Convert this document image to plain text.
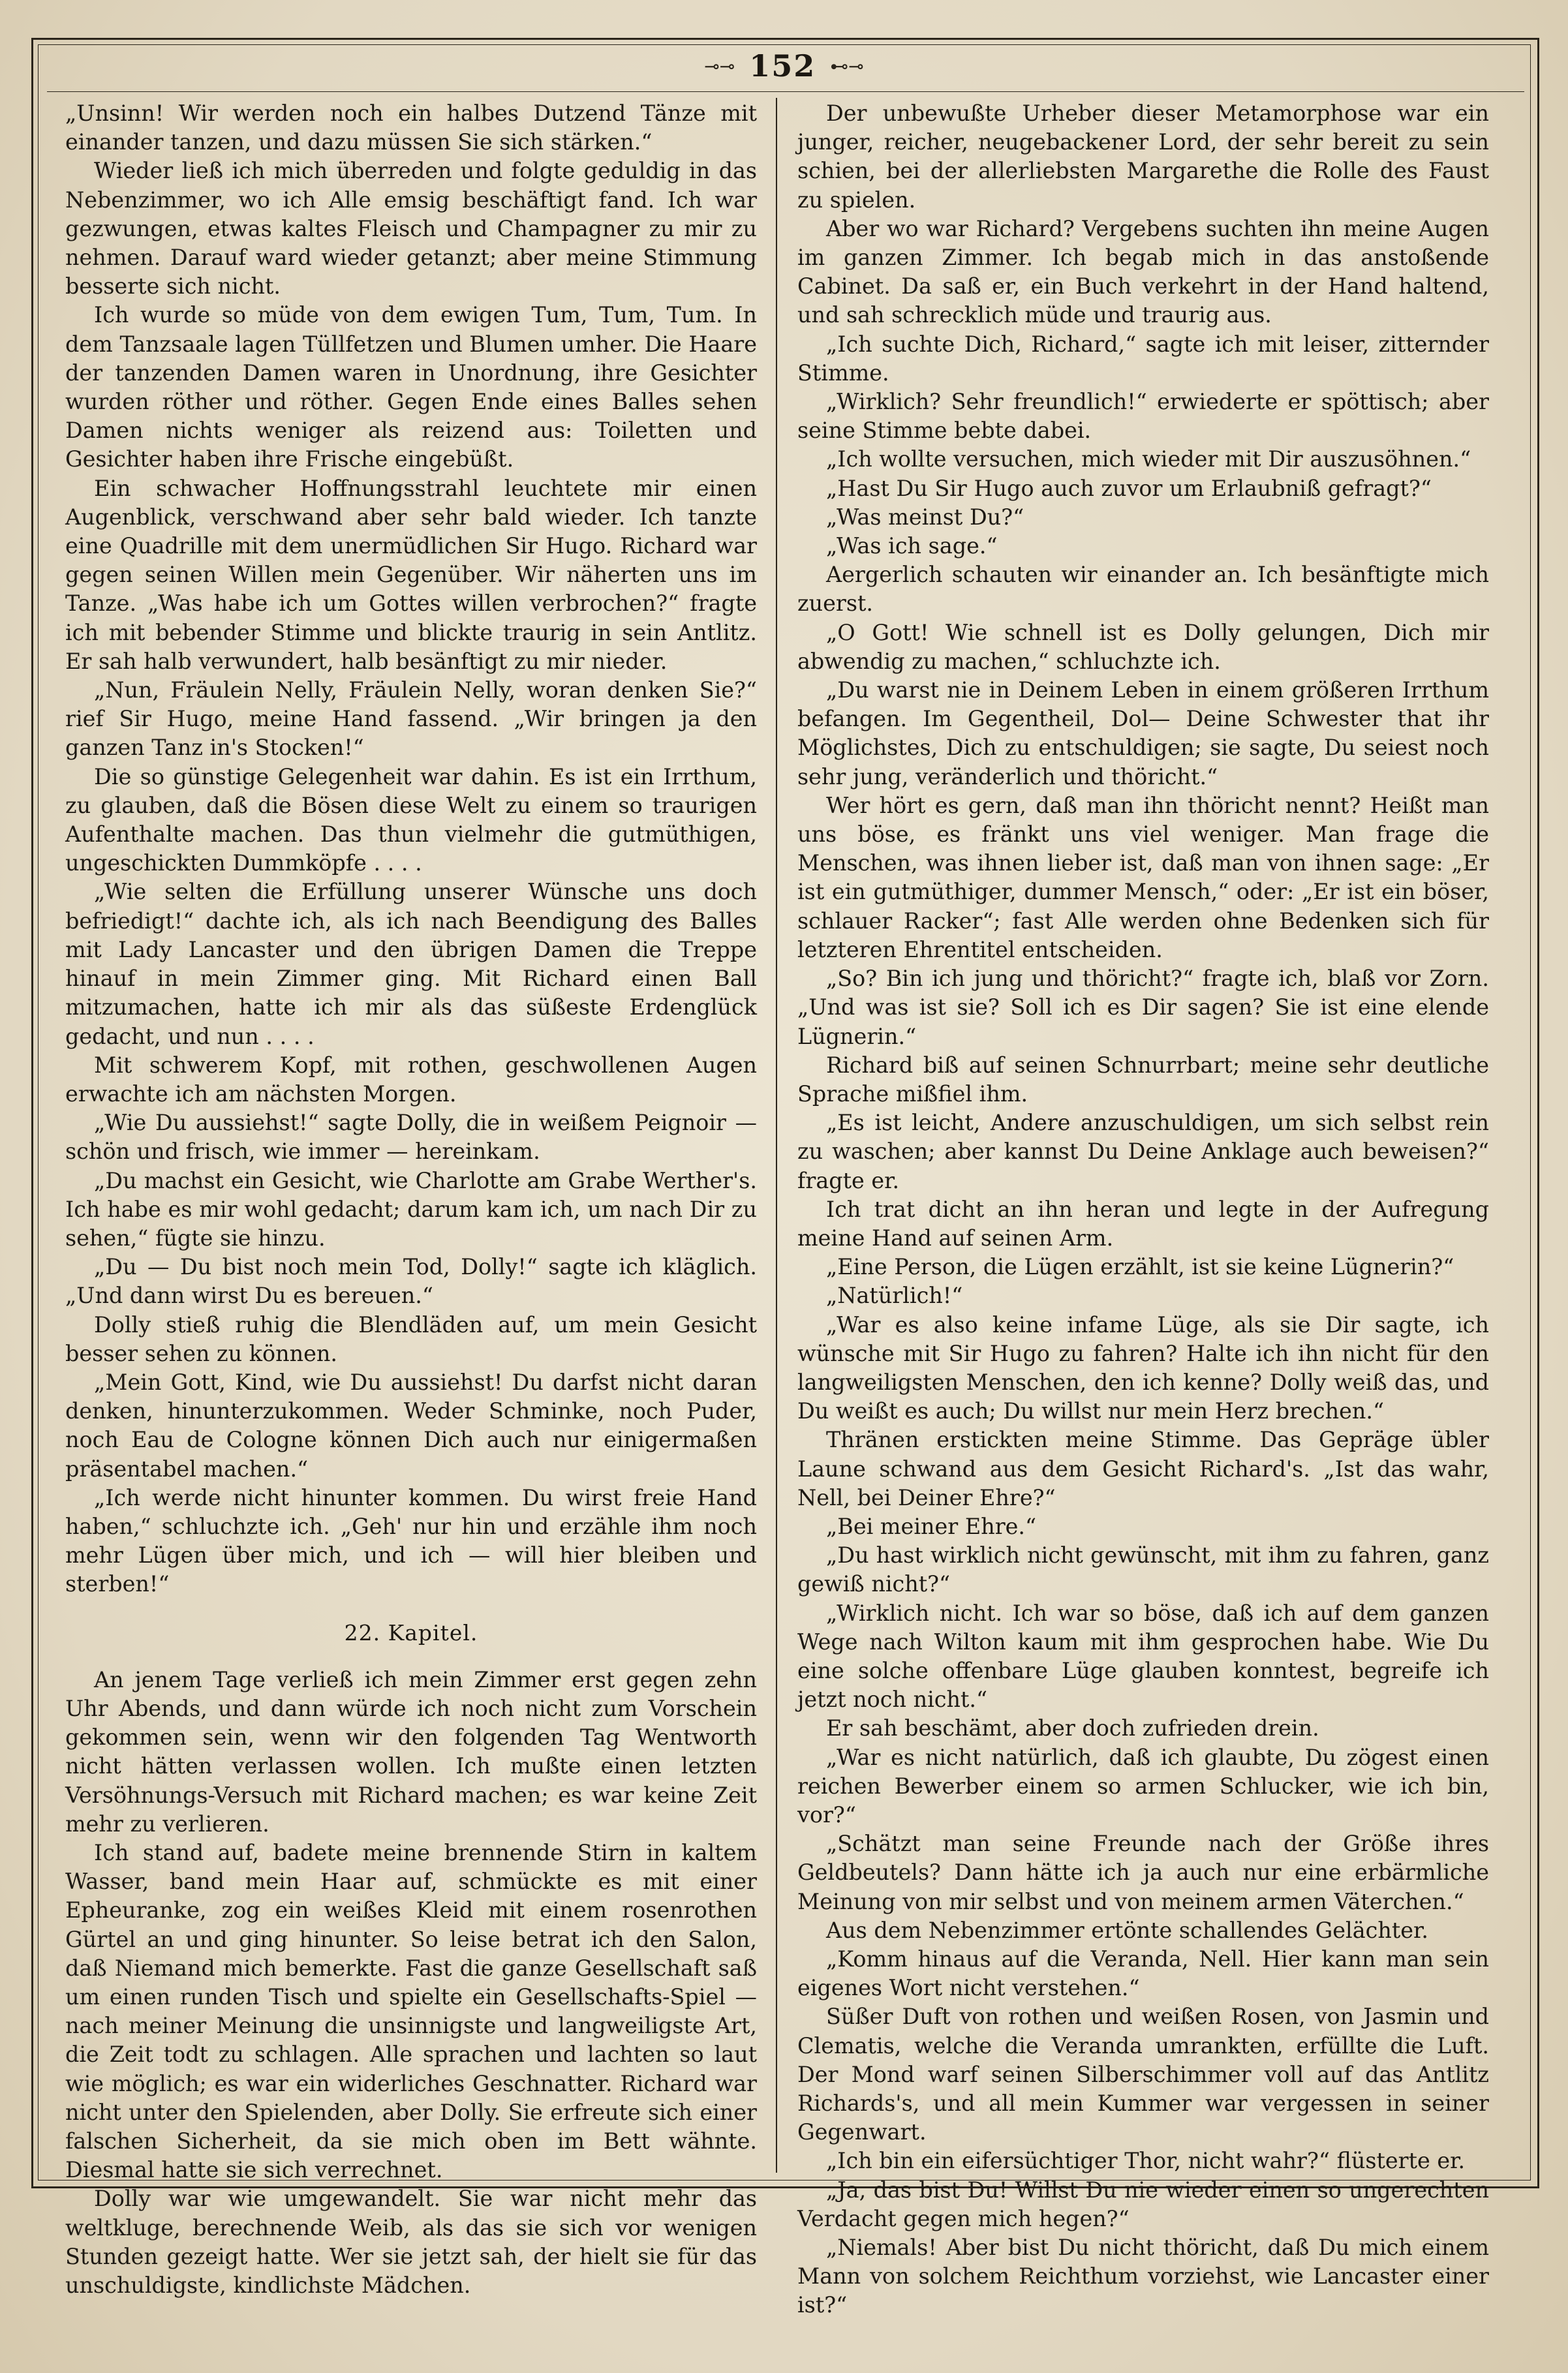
⊸⊸ 152 ⊷⊸

„Unsinn! Wir werden noch ein halbes Dutzend Tänze mit einander tanzen, und dazu müssen Sie sich stärken.“

Wieder ließ ich mich überreden und folgte geduldig in das Nebenzimmer, wo ich Alle emsig beschäftigt fand. Ich war gezwungen, etwas kaltes Fleisch und Champagner zu mir zu nehmen. Darauf ward wieder getanzt; aber meine Stimmung besserte sich nicht.

Ich wurde so müde von dem ewigen Tum, Tum, Tum. In dem Tanzsaale lagen Tüllfetzen und Blumen umher. Die Haare der tanzenden Damen waren in Unordnung, ihre Gesichter wurden röther und röther. Gegen Ende eines Balles sehen Damen nichts weniger als reizend aus: Toiletten und Gesichter haben ihre Frische eingebüßt.

Ein schwacher Hoffnungsstrahl leuchtete mir einen Augenblick, verschwand aber sehr bald wieder. Ich tanzte eine Quadrille mit dem unermüdlichen Sir Hugo. Richard war gegen seinen Willen mein Gegenüber. Wir näherten uns im Tanze. „Was habe ich um Gottes willen verbrochen?“ fragte ich mit bebender Stimme und blickte traurig in sein Antlitz. Er sah halb verwundert, halb besänftigt zu mir nieder.

„Nun, Fräulein Nelly, Fräulein Nelly, woran denken Sie?“ rief Sir Hugo, meine Hand fassend. „Wir bringen ja den ganzen Tanz in's Stocken!“

Die so günstige Gelegenheit war dahin. Es ist ein Irrthum, zu glauben, daß die Bösen diese Welt zu einem so traurigen Aufenthalte machen. Das thun vielmehr die gutmüthigen, ungeschickten Dummköpfe . . . .

„Wie selten die Erfüllung unserer Wünsche uns doch befriedigt!“ dachte ich, als ich nach Beendigung des Balles mit Lady Lancaster und den übrigen Damen die Treppe hinauf in mein Zimmer ging. Mit Richard einen Ball mitzumachen, hatte ich mir als das süßeste Erdenglück gedacht, und nun . . . .

Mit schwerem Kopf, mit rothen, geschwollenen Augen erwachte ich am nächsten Morgen.

„Wie Du aussiehst!“ sagte Dolly, die in weißem Peignoir — schön und frisch, wie immer — hereinkam.

„Du machst ein Gesicht, wie Charlotte am Grabe Werther's. Ich habe es mir wohl gedacht; darum kam ich, um nach Dir zu sehen,“ fügte sie hinzu.

„Du — Du bist noch mein Tod, Dolly!“ sagte ich kläglich. „Und dann wirst Du es bereuen.“

Dolly stieß ruhig die Blendläden auf, um mein Gesicht besser sehen zu können.

„Mein Gott, Kind, wie Du aussiehst! Du darfst nicht daran denken, hinunterzukommen. Weder Schminke, noch Puder, noch Eau de Cologne können Dich auch nur einigermaßen präsentabel machen.“

„Ich werde nicht hinunter kommen. Du wirst freie Hand haben,“ schluchzte ich. „Geh' nur hin und erzähle ihm noch mehr Lügen über mich, und ich — will hier bleiben und sterben!“

22. Kapitel.

An jenem Tage verließ ich mein Zimmer erst gegen zehn Uhr Abends, und dann würde ich noch nicht zum Vorschein gekommen sein, wenn wir den folgenden Tag Wentworth nicht hätten verlassen wollen. Ich mußte einen letzten Versöhnungs-Versuch mit Richard machen; es war keine Zeit mehr zu verlieren.

Ich stand auf, badete meine brennende Stirn in kaltem Wasser, band mein Haar auf, schmückte es mit einer Epheuranke, zog ein weißes Kleid mit einem rosenrothen Gürtel an und ging hinunter. So leise betrat ich den Salon, daß Niemand mich bemerkte. Fast die ganze Gesellschaft saß um einen runden Tisch und spielte ein Gesellschafts-Spiel — nach meiner Meinung die unsinnigste und langweiligste Art, die Zeit todt zu schlagen. Alle sprachen und lachten so laut wie möglich; es war ein widerliches Geschnatter. Richard war nicht unter den Spielenden, aber Dolly. Sie erfreute sich einer falschen Sicherheit, da sie mich oben im Bett wähnte. Diesmal hatte sie sich verrechnet.

Dolly war wie umgewandelt. Sie war nicht mehr das weltkluge, berechnende Weib, als das sie sich vor wenigen Stunden gezeigt hatte. Wer sie jetzt sah, der hielt sie für das unschuldigste, kindlichste Mädchen.

Der unbewußte Urheber dieser Metamorphose war ein junger, reicher, neugebackener Lord, der sehr bereit zu sein schien, bei der allerliebsten Margarethe die Rolle des Faust zu spielen.

Aber wo war Richard? Vergebens suchten ihn meine Augen im ganzen Zimmer. Ich begab mich in das anstoßende Cabinet. Da saß er, ein Buch verkehrt in der Hand haltend, und sah schrecklich müde und traurig aus.

„Ich suchte Dich, Richard,“ sagte ich mit leiser, zitternder Stimme.

„Wirklich? Sehr freundlich!“ erwiederte er spöttisch; aber seine Stimme bebte dabei.

„Ich wollte versuchen, mich wieder mit Dir auszusöhnen.“

„Hast Du Sir Hugo auch zuvor um Erlaubniß gefragt?“

„Was meinst Du?“

„Was ich sage.“

Aergerlich schauten wir einander an. Ich besänftigte mich zuerst.

„O Gott! Wie schnell ist es Dolly gelungen, Dich mir abwendig zu machen,“ schluchzte ich.

„Du warst nie in Deinem Leben in einem größeren Irrthum befangen. Im Gegentheil, Dol— Deine Schwester that ihr Möglichstes, Dich zu entschuldigen; sie sagte, Du seiest noch sehr jung, veränderlich und thöricht.“

Wer hört es gern, daß man ihn thöricht nennt? Heißt man uns böse, es fränkt uns viel weniger. Man frage die Menschen, was ihnen lieber ist, daß man von ihnen sage: „Er ist ein gutmüthiger, dummer Mensch,“ oder: „Er ist ein böser, schlauer Racker“; fast Alle werden ohne Bedenken sich für letzteren Ehrentitel entscheiden.

„So? Bin ich jung und thöricht?“ fragte ich, blaß vor Zorn. „Und was ist sie? Soll ich es Dir sagen? Sie ist eine elende Lügnerin.“

Richard biß auf seinen Schnurrbart; meine sehr deutliche Sprache mißfiel ihm.

„Es ist leicht, Andere anzuschuldigen, um sich selbst rein zu waschen; aber kannst Du Deine Anklage auch beweisen?“ fragte er.

Ich trat dicht an ihn heran und legte in der Aufregung meine Hand auf seinen Arm.

„Eine Person, die Lügen erzählt, ist sie keine Lügnerin?“

„Natürlich!“

„War es also keine infame Lüge, als sie Dir sagte, ich wünsche mit Sir Hugo zu fahren? Halte ich ihn nicht für den langweiligsten Menschen, den ich kenne? Dolly weiß das, und Du weißt es auch; Du willst nur mein Herz brechen.“

Thränen erstickten meine Stimme. Das Gepräge übler Laune schwand aus dem Gesicht Richard's. „Ist das wahr, Nell, bei Deiner Ehre?“

„Bei meiner Ehre.“

„Du hast wirklich nicht gewünscht, mit ihm zu fahren, ganz gewiß nicht?“

„Wirklich nicht. Ich war so böse, daß ich auf dem ganzen Wege nach Wilton kaum mit ihm gesprochen habe. Wie Du eine solche offenbare Lüge glauben konntest, begreife ich jetzt noch nicht.“

Er sah beschämt, aber doch zufrieden drein.

„War es nicht natürlich, daß ich glaubte, Du zögest einen reichen Bewerber einem so armen Schlucker, wie ich bin, vor?“

„Schätzt man seine Freunde nach der Größe ihres Geldbeutels? Dann hätte ich ja auch nur eine erbärmliche Meinung von mir selbst und von meinem armen Väterchen.“

Aus dem Nebenzimmer ertönte schallendes Gelächter.

„Komm hinaus auf die Veranda, Nell. Hier kann man sein eigenes Wort nicht verstehen.“

Süßer Duft von rothen und weißen Rosen, von Jasmin und Clematis, welche die Veranda umrankten, erfüllte die Luft. Der Mond warf seinen Silberschimmer voll auf das Antlitz Richards's, und all mein Kummer war vergessen in seiner Gegenwart.

„Ich bin ein eifersüchtiger Thor, nicht wahr?“ flüsterte er.

„Ja, das bist Du! Willst Du nie wieder einen so ungerechten Verdacht gegen mich hegen?“

„Niemals! Aber bist Du nicht thöricht, daß Du mich einem Mann von solchem Reichthum vorziehst, wie Lancaster einer ist?“
